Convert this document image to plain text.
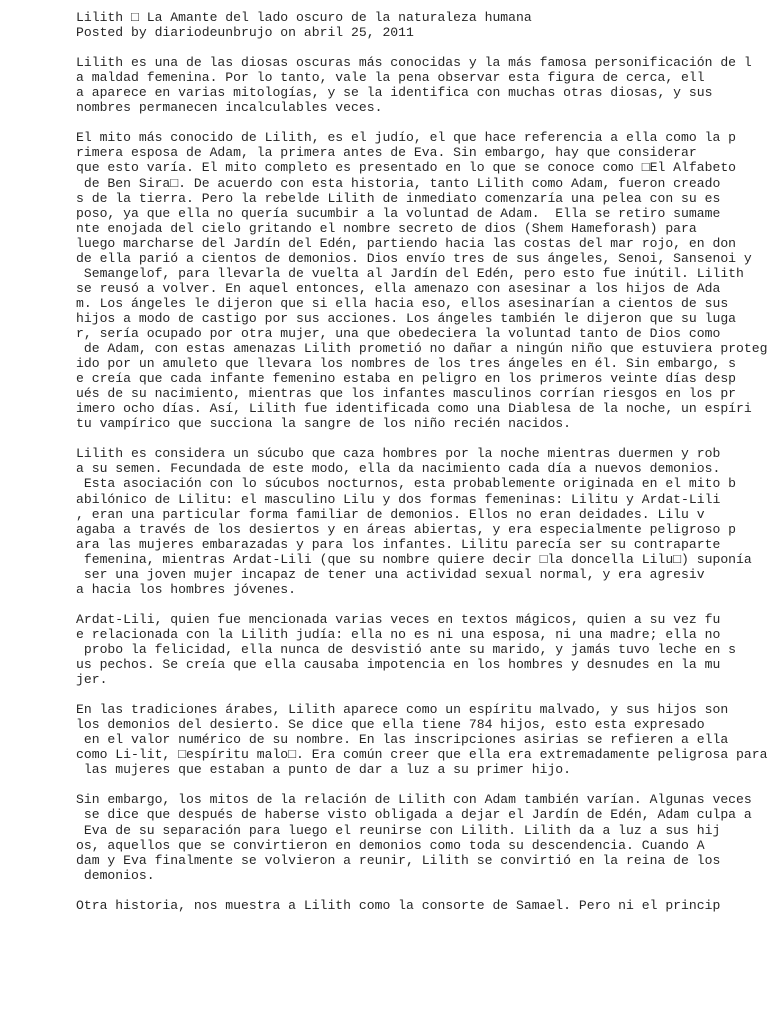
Lilith □ La Amante del lado oscuro de la naturaleza humana
Posted by diariodeunbrujo on abril 25, 2011
Lilith es una de las diosas oscuras más conocidas y la más famosa personificación de l
a maldad femenina. Por lo tanto, vale la pena observar esta figura de cerca, ell
a aparece en varias mitologías, y se la identifica con muchas otras diosas, y sus
nombres permanecen incalculables veces.
El mito más conocido de Lilith, es el judío, el que hace referencia a ella como la p
rimera esposa de Adam, la primera antes de Eva. Sin embargo, hay que considerar
que esto varía. El mito completo es presentado en lo que se conoce como □El Alfabeto
de Ben Sira□. De acuerdo con esta historia, tanto Lilith como Adam, fueron creado
s de la tierra. Pero la rebelde Lilith de inmediato comenzaría una pelea con su es
poso, ya que ella no quería sucumbir a la voluntad de Adam.  Ella se retiro sumame
nte enojada del cielo gritando el nombre secreto de dios (Shem Hameforash) para
luego marcharse del Jardín del Edén, partiendo hacia las costas del mar rojo, en don
de ella parió a cientos de demonios. Dios envío tres de sus ángeles, Senoi, Sansenoi y
Semangelof, para llevarla de vuelta al Jardín del Edén, pero esto fue inútil. Lilith
se reusó a volver. En aquel entonces, ella amenazo con asesinar a los hijos de Ada
m. Los ángeles le dijeron que si ella hacia eso, ellos asesinarían a cientos de sus
hijos a modo de castigo por sus acciones. Los ángeles también le dijeron que su luga
r, sería ocupado por otra mujer, una que obedeciera la voluntad tanto de Dios como
de Adam, con estas amenazas Lilith prometió no dañar a ningún niño que estuviera proteg
ido por un amuleto que llevara los nombres de los tres ángeles en él. Sin embargo, s
e creía que cada infante femenino estaba en peligro en los primeros veinte días desp
ués de su nacimiento, mientras que los infantes masculinos corrían riesgos en los pr
imero ocho días. Así, Lilith fue identificada como una Diablesa de la noche, un espíri
tu vampírico que succiona la sangre de los niño recién nacidos.
Lilith es considera un súcubo que caza hombres por la noche mientras duermen y rob
a su semen. Fecundada de este modo, ella da nacimiento cada día a nuevos demonios.
Esta asociación con lo súcubos nocturnos, esta probablemente originada en el mito b
abilónico de Lilitu: el masculino Lilu y dos formas femeninas: Lilitu y Ardat-Lili
, eran una particular forma familiar de demonios. Ellos no eran deidades. Lilu v
agaba a través de los desiertos y en áreas abiertas, y era especialmente peligroso p
ara las mujeres embarazadas y para los infantes. Lilitu parecía ser su contraparte
femenina, mientras Ardat-Lili (que su nombre quiere decir □la doncella Lilu□) suponía
ser una joven mujer incapaz de tener una actividad sexual normal, y era agresiv
a hacia los hombres jóvenes.
Ardat-Lili, quien fue mencionada varias veces en textos mágicos, quien a su vez fu
e relacionada con la Lilith judía: ella no es ni una esposa, ni una madre; ella no
probo la felicidad, ella nunca de desvistió ante su marido, y jamás tuvo leche en s
us pechos. Se creía que ella causaba impotencia en los hombres y desnudes en la mu
jer.
En las tradiciones árabes, Lilith aparece como un espíritu malvado, y sus hijos son
los demonios del desierto. Se dice que ella tiene 784 hijos, esto esta expresado
en el valor numérico de su nombre. En las inscripciones asirias se refieren a ella
como Li-lit, □espíritu malo□. Era común creer que ella era extremadamente peligrosa para
las mujeres que estaban a punto de dar a luz a su primer hijo.
Sin embargo, los mitos de la relación de Lilith con Adam también varían. Algunas veces
se dice que después de haberse visto obligada a dejar el Jardín de Edén, Adam culpa a
Eva de su separación para luego el reunirse con Lilith. Lilith da a luz a sus hij
os, aquellos que se convirtieron en demonios como toda su descendencia. Cuando A
dam y Eva finalmente se volvieron a reunir, Lilith se convirtió en la reina de los
demonios.
Otra historia, nos muestra a Lilith como la consorte de Samael. Pero ni el princip
